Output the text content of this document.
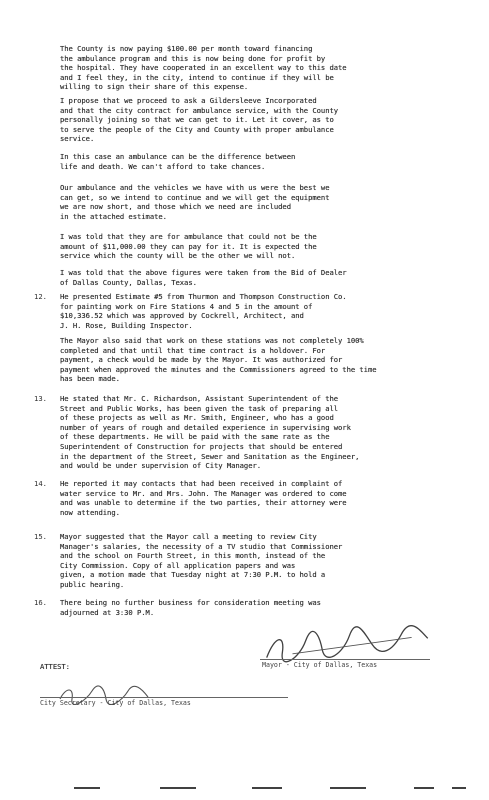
The County is now paying $100.00 per month toward financing
the ambulance program and this is now being done for profit by
the hospital. They have cooperated in an excellent way to this date
and I feel they, in the city, intend to continue if they will be
willing to sign their share of this expense.
I propose that we proceed to ask a Gildersleeve Incorporated
and that the city contract for ambulance service, with the County
personally joining so that we can get to it. Let it cover, as to
to serve the people of the City and County with proper ambulance
service.
In this case an ambulance can be the difference between
life and death. We can't afford to take chances.
Our ambulance and the vehicles we have with us were the best we
can get, so we intend to continue and we will get the equipment
we are now short, and those which we need are included
in the attached estimate.
I was told that they are for ambulance that could not be the
amount of $11,000.00 they can pay for it. It is expected the
service which the county will be the other we will not.
I was told that the above figures were taken from the Bid of Dealer
of Dallas County, Dallas, Texas.
12. He presented Estimate #5 from Thurmon and Thompson Construction Co.
for painting work on Fire Stations 4 and 5 in the amount of
$10,336.52 which was approved by Cockrell, Architect, and
J. H. Rose, Building Inspector.
The Mayor also said that work on these stations was not completely 100%
completed and that until that time contract is a holdover. For
payment, a check would be made by the Mayor. It was authorized for
payment when approved the minutes and the Commissioners agreed to the time
has been made.
13. He stated that Mr. C. Richardson, Assistant Superintendent of the
Street and Public Works, has been given the task of preparing all
of these projects as well as Mr. Smith, Engineer, who has a good
number of years of rough and detailed experience in supervising work
of these departments. He will be paid with the same rate as the
Superintendent of Construction for projects that should be entered
in the department of the Street, Sewer and Sanitation as the Engineer,
and would be under supervision of City Manager.
14. He reported it may contacts that had been received in complaint of
water service to Mr. and Mrs. John. The Manager was ordered to come
and was unable to determine if the two parties, their attorney were
now attending.
15. Mayor suggested that the Mayor call a meeting to review City
Manager's salaries, the necessity of a TV studio that Commissioner
and the school on Fourth Street, in this month, instead of the
City Commission. Copy of all application papers and was
given, a motion made that Tuesday night at 7:30 P.M. to hold a
public hearing.
16. There being no further business for consideration meeting was
adjourned at 3:30 P.M.
Mayor - City of Dallas, Texas
ATTEST:
City Secretary - City of Dallas, Texas
